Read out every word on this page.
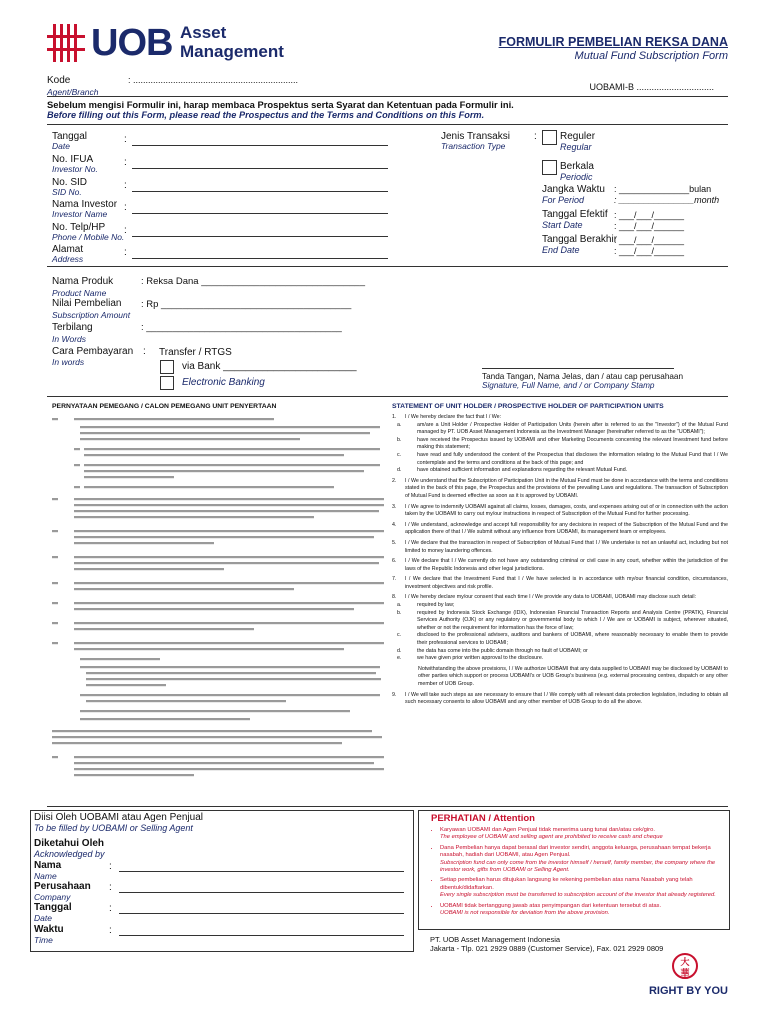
UOB Asset
Management	FORMULIR PEMBELIAN REKSA DANA
Mutual Fund Subscription Form
Kode
Agent/Branch
: ..................................................................
UOBAMI-B ...............................
Sebelum mengisi Formulir ini, harap membaca Prospektus serta Syarat dan Ketentuan pada Formulir ini.
Before filling out this Form, please read the Prospectus and the Terms and Conditions on this Form.
Tanggal
Date
:
No. IFUA
Investor No.
:
No. SID
SID No.
:
Nama Investor
Investor Name
:
No. Telp/HP
Phone / Mobile No.
:
Alamat
Address
:
Jenis Transaksi
Transaction Type
: Reguler
Regular
Berkala
Periodic
Jangka Waktu
For Period
: ______________bulan
: _______________month
Tanggal Efektif
Start Date
: ___/___/______
: ___/___/______
Tanggal Berakhir
End Date
: ___/___/______
: ___/___/______
Nama Produk
Product Name
: Reksa Dana _______________________________
Nilai Pembelian
Subscription Amount
: Rp ____________________________________
Terbilang
In Words
: _____________________________________
Cara Pembayaran
In words
: Transfer / RTGS
via Bank ________________________
Electronic Banking
Tanda Tangan, Nama Jelas, dan / atau cap perusahaan
Signature, Full Name, and / or Company Stamp
PERNYATAAN PEMEGANG / CALON PEMEGANG UNIT PENYERTAAN	STATEMENT OF UNIT HOLDER / PROSPECTIVE HOLDER OF PARTICIPATION UNITS
1.	I / We hereby declare the fact that I / We:
a.	am/are a Unit Holder / Prospective Holder of Participation Units (herein after is referred to as the "Investor") of the Mutual Fund managed by PT. UOB Asset Management Indonesia as the Investment Manager (hereinafter referred to as the "UOBAMI");
b.	have received the Prospectus issued by UOBAMI and other Marketing Documents concerning the relevant Investment fund before making this statement;
c.	have read and fully understood the content of the Prospectus that discloses the information relating to the Mutual Fund that I / We contemplate and the terms and conditions at the back of this page; and
d.	have obtained sufficient information and explanations regarding the relevant Mutual Fund.
2.	I / We understand that the Subscription of Participation Unit in the Mutual Fund must be done in accordance with the terms and conditions stated in the back of this page, the Prospectus and the provisions of the prevailing Laws and regulations. The transaction of Subscription of Mutual Fund is deemed effective as soon as it is approved by UOBAMI.
3.	I / We agree to indemnify UOBAMI against all claims, losses, damages, costs, and expenses arising out of or in connection with the action taken by the UOBAMI to carry out my/our instructions in respect of Subscription of the Mutual Fund for further processing.
4.	I / We understand, acknowledge and accept full responsibility for any decisions in respect of the Subscription of the Mutual Fund and the application there of that I / We submit without any influence from UOBAMI, its management team or employees.
5.	I / We declare that the transaction in respect of Subscription of Mutual Fund that I / We undertake is not an unlawful act, including but not limited to money laundering offences.
6.	I / We declare that I / We currently do not have any outstanding criminal or civil case in any court, whether within the jurisdiction of the laws of the Republic Indonesia and other legal jurisdictions.
7.	I / We declare that the Investment Fund that I / We have selected is in accordance with my/our financial condition, circumstances, investment objectives and risk profile.
8.	I / We hereby declare my/our consent that each time I / We provide any data to UOBAMI, UOBAMI may disclose such detail:
a.	required by law;
b.	required by Indonesia Stock Exchange (IDX), Indonesian Financial Transaction Reports and Analysis Centre (PPATK), Financial Services Authority (OJK) or any regulatory or governmental body to which I / We are or UOBAMI is subject, wherever situated, whether or not the requirement for information has the force of law;
c.	disclosed to the professional advisers, auditors and bankers of UOBAMI, where reasonably necessary to enable them to provide their professional services to UOBAMI;
d.	the data has come into the public domain through no fault of UOBAMI; or
e.	we have given prior written approval to the disclosure.
Notwithstanding the above provisions, I / We authorize UOBAMI that any data supplied to UOBAMI may be disclosed by UOBAMI to other parties which support or process UOBAMI's or UOB Group's business (e.g. external processing centres, dispatch or any other member of UOB Group.
9.	I / We will take such steps as are necessary to ensure that I / We comply with all relevant data protection legislation, including to obtain all such necessary consents to allow UOBAMI and any other member of UOB Group to do all the above.
Diisi Oleh UOBAMI atau Agen Penjual
To be filled by UOBAMI or Selling Agent
Diketahui Oleh
Acknowledged by
Nama
Name
:
Perusahaan
Company
:
Tanggal
Date
:
Waktu
Time
:
PERHATIAN / Attention
• Karyawan UOBAMI dan Agen Penjual tidak menerima uang tunai dan/atau cek/giro.
The employee of UOBAMI and selling agent are prohibited to receive cash and cheque
• Dana Pembelian hanya dapat berasal dari investor sendiri, anggota keluarga, perusahaan tempat bekerja nasabah, hadiah dari UOBAMI, atau Agen Penjual.
Subscription fund can only come from the investor himself / herself, family member, the company where the investor work, gifts from UOBAMI or Selling Agent.
• Setiap pembelian harus ditujukan langsung ke rekening pembelian atas nama Nasabah yang telah dibentuk/didaftarkan.
Every single subscription must be transferred to subscription account of the investor that already registered.
• UOBAMI tidak bertanggung jawab atas penyimpangan dari ketentuan tersebut di atas.
UOBAMI is not responsible for deviation from the above provision.
PT. UOB Asset Management Indonesia
Jakarta - Tlp. 021 2929 0889 (Customer Service), Fax. 021 2929 0809
大
華
RIGHT BY YOU
